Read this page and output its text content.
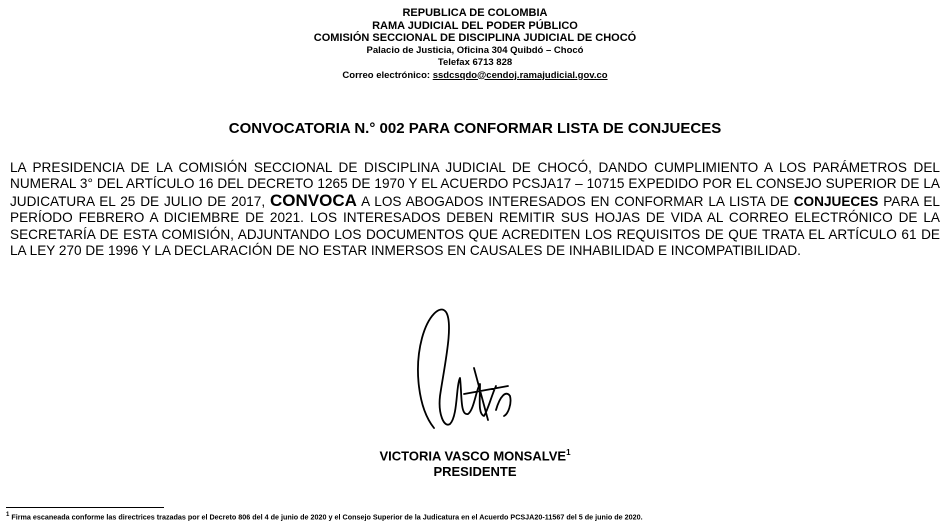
REPUBLICA DE COLOMBIA
RAMA JUDICIAL DEL PODER PÚBLICO
COMISIÓN SECCIONAL DE DISCIPLINA JUDICIAL DE CHOCÓ
Palacio de Justicia, Oficina 304 Quibdó – Chocó
Telefax 6713 828
Correo electrónico: ssdcsqdo@cendoj.ramajudicial.gov.co
CONVOCATORIA N.° 002 PARA CONFORMAR LISTA DE CONJUECES
LA PRESIDENCIA DE LA COMISIÓN SECCIONAL DE DISCIPLINA JUDICIAL DE CHOCÓ, DANDO CUMPLIMIENTO A LOS PARÁMETROS DEL NUMERAL 3° DEL ARTÍCULO 16 DEL DECRETO 1265 DE 1970 Y EL ACUERDO PCSJA17 – 10715 EXPEDIDO POR EL CONSEJO SUPERIOR DE LA JUDICATURA EL 25 DE JULIO DE 2017, CONVOCA A LOS ABOGADOS INTERESADOS EN CONFORMAR LA LISTA DE CONJUECES PARA EL PERÍODO FEBRERO A DICIEMBRE DE 2021. LOS INTERESADOS DEBEN REMITIR SUS HOJAS DE VIDA AL CORREO ELECTRÓNICO DE LA SECRETARÍA DE ESTA COMISIÓN, ADJUNTANDO LOS DOCUMENTOS QUE ACREDITEN LOS REQUISITOS DE QUE TRATA EL ARTÍCULO 61 DE LA LEY 270 DE 1996 Y LA DECLARACIÓN DE NO ESTAR INMERSOS EN CAUSALES DE INHABILIDAD E INCOMPATIBILIDAD.
VICTORIA VASCO MONSALVE$^1$
PRESIDENTE
$^1$ Firma escaneada conforme las directrices trazadas por el Decreto 806 del 4 de junio de 2020 y el Consejo Superior de la Judicatura en el Acuerdo PCSJA20-11567 del 5 de junio de 2020.
